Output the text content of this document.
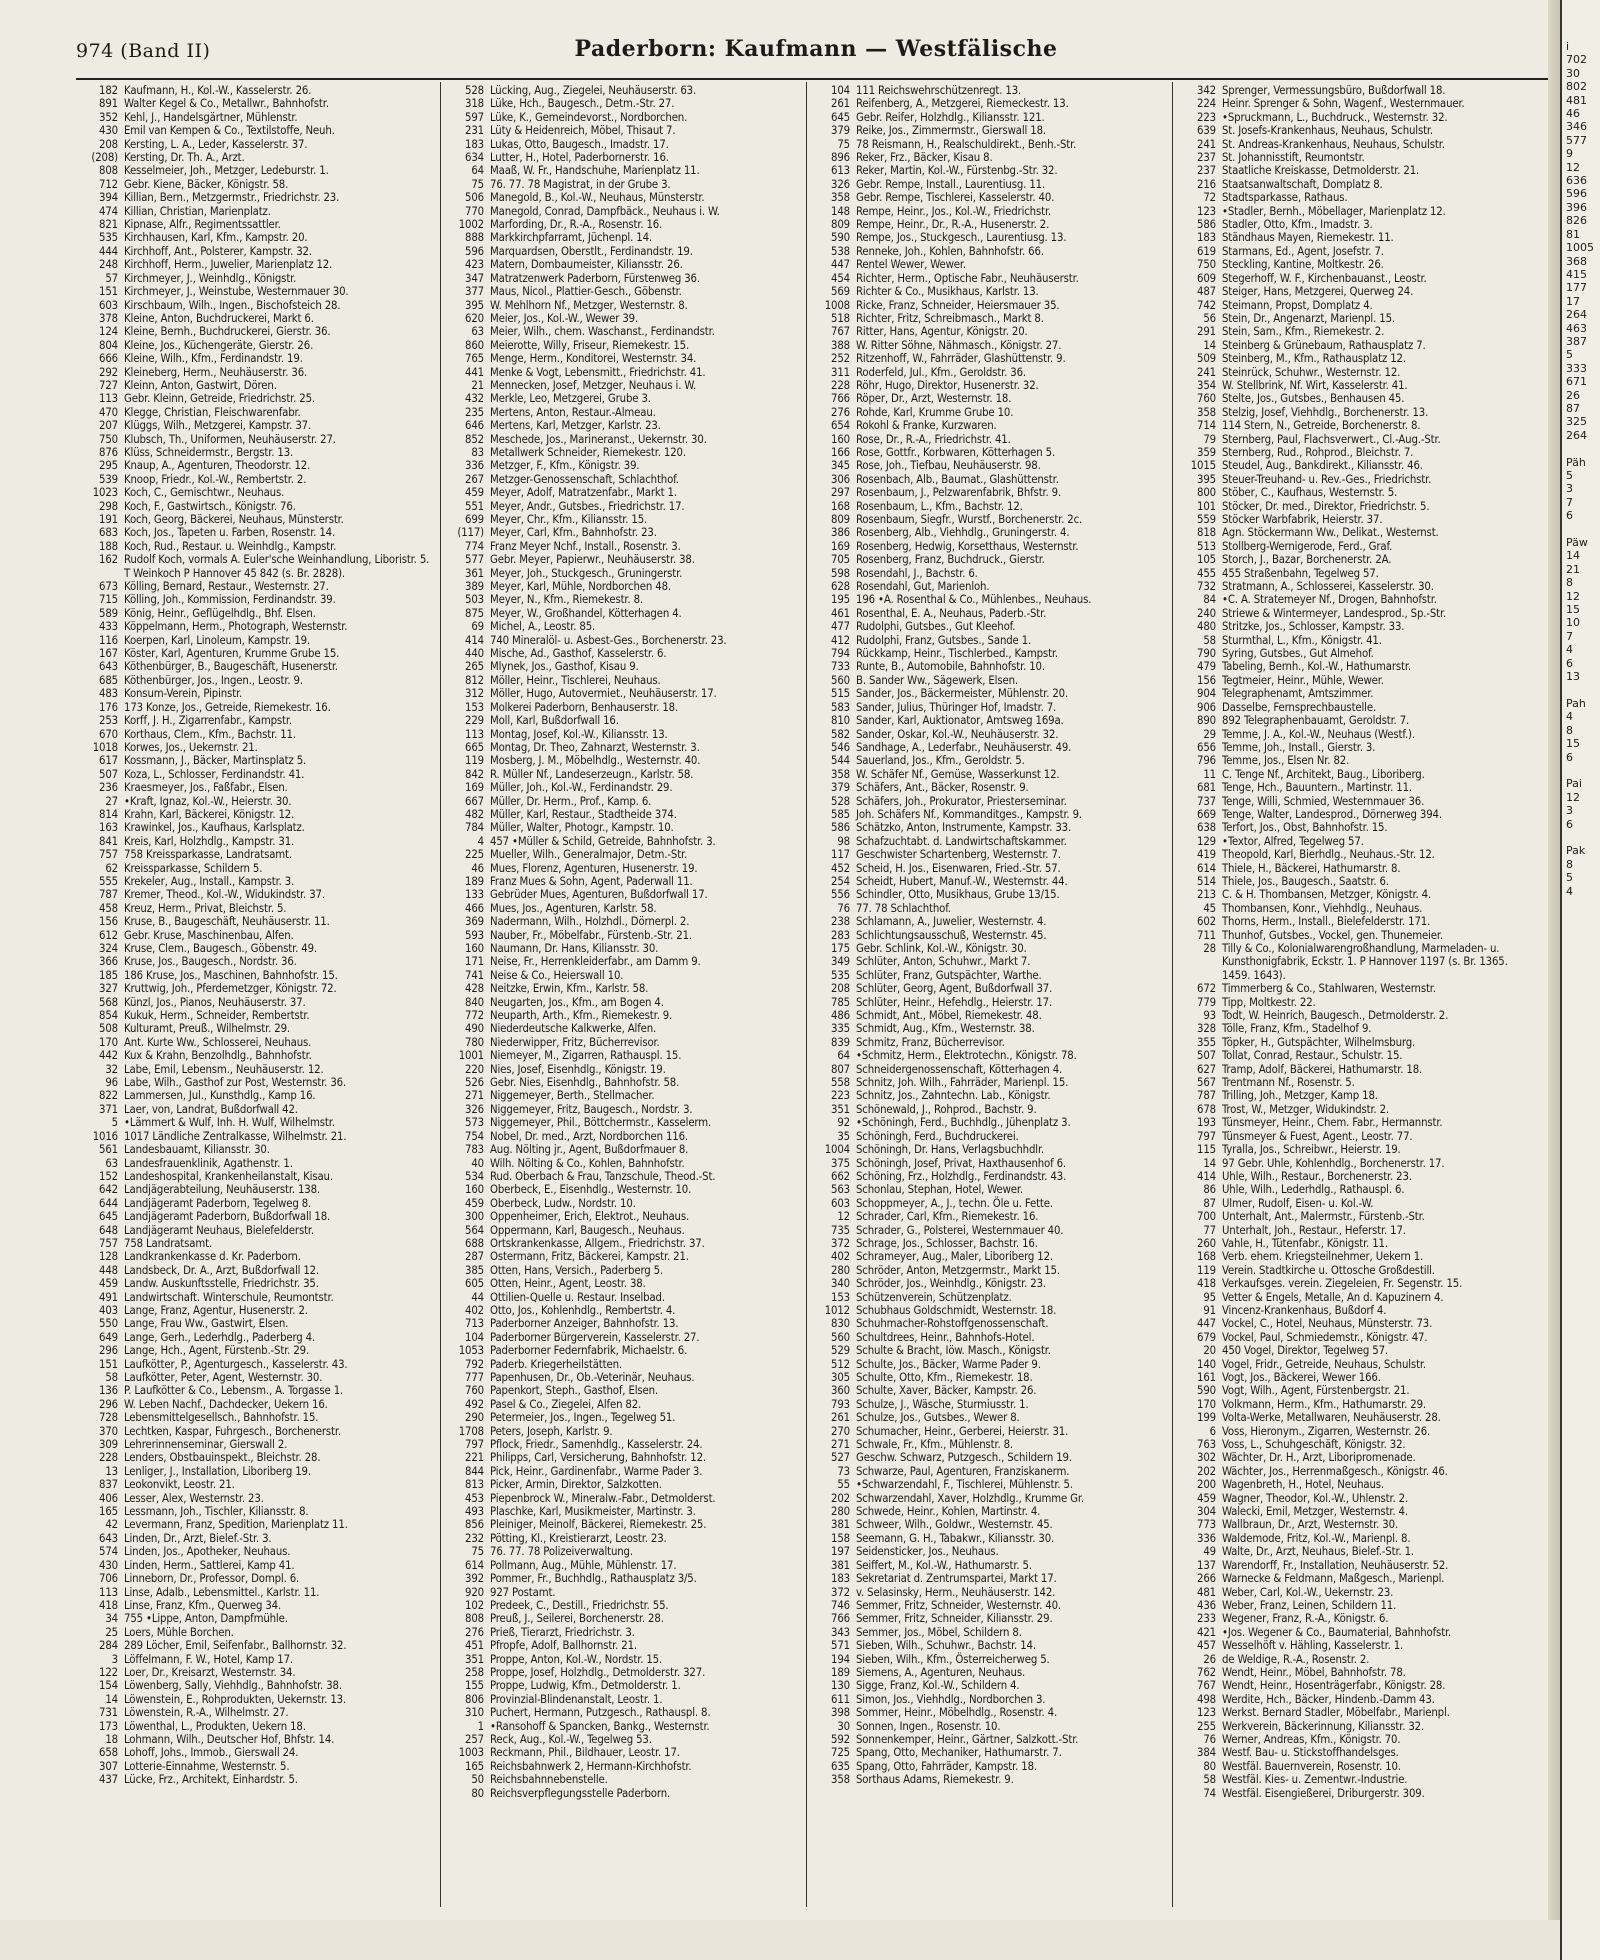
974 (Band II)	Paderborn: Kaufmann — Westfälische
182 Kaufmann, H., Kol.-W., Kasselerstr. 26.
891 Walter Kegel & Co., Metallwr., Bahnhofstr.
352 Kehl, J., Handelsgärtner, Mühlenstr.
430 Emil van Kempen & Co., Textilstoffe, Neuh.
208 Kersting, L. A., Leder, Kasselerstr. 37.
(208) Kersting, Dr. Th. A., Arzt.
808 Kesselmeier, Joh., Metzger, Ledeburstr. 1.
712 Gebr. Kiene, Bäcker, Königstr. 58.
394 Killian, Bern., Metzgermstr., Friedrichstr. 23.
474 Killian, Christian, Marienplatz.
821 Kipnase, Alfr., Regimentssattler.
535 Kirchhausen, Karl, Kfm., Kampstr. 20.
444 Kirchhoff, Ant., Polsterer, Kampstr. 32.
248 Kirchhoff, Herm., Juwelier, Marienplatz 12.
57 Kirchmeyer, J., Weinhdlg., Königstr.
151 Kirchmeyer, J., Weinstube, Westernmauer 30.
603 Kirschbaum, Wilh., Ingen., Bischofsteich 28.
378 Kleine, Anton, Buchdruckerei, Markt 6.
124 Kleine, Bernh., Buchdruckerei, Gierstr. 36.
804 Kleine, Jos., Küchengeräte, Gierstr. 26.
666 Kleine, Wilh., Kfm., Ferdinandstr. 19.
292 Kleineberg, Herm., Neuhäuserstr. 36.
727 Kleinn, Anton, Gastwirt, Dören.
113 Gebr. Kleinn, Getreide, Friedrichstr. 25.
470 Klegge, Christian, Fleischwarenfabr.
207 Klüggs, Wilh., Metzgerei, Kampstr. 37.
750 Klubsch, Th., Uniformen, Neuhäuserstr. 27.
876 Klüss, Schneidermstr., Bergstr. 13.
295 Knaup, A., Agenturen, Theodorstr. 12.
539 Knoop, Friedr., Kol.-W., Rembertstr. 2.
1023 Koch, C., Gemischtwr., Neuhaus.
298 Koch, F., Gastwirtsch., Königstr. 76.
191 Koch, Georg, Bäckerei, Neuhaus, Münsterstr.
683 Koch, Jos., Tapeten u. Farben, Rosenstr. 14.
188 Koch, Rud., Restaur. u. Weinhdlg., Kampstr.
162 Rudolf Koch, vormals A. Euler'sche Weinhandlung, Liboristr. 5. T Weinkoch P Hannover 45 842 (s. Br. 2828).
673 Kölling, Bernard, Restaur., Westernstr. 27.
715 Kölling, Joh., Kommission, Ferdinandstr. 39.
589 König, Heinr., Geflügelhdlg., Bhf. Elsen.
433 Köppelmann, Herm., Photograph, Westernstr.
116 Koerpen, Karl, Linoleum, Kampstr. 19.
167 Köster, Karl, Agenturen, Krumme Grube 15.
643 Köthenbürger, B., Baugeschäft, Husenerstr.
685 Köthenbürger, Jos., Ingen., Leostr. 9.
483 Konsum-Verein, Pipinstr.
176 173 Konze, Jos., Getreide, Riemekestr. 16.
253 Korff, J. H., Zigarrenfabr., Kampstr.
670 Korthaus, Clem., Kfm., Bachstr. 11.
1018 Korwes, Jos., Uekernstr. 21.
617 Kossmann, J., Bäcker, Martinsplatz 5.
507 Koza, L., Schlosser, Ferdinandstr. 41.
236 Kraesmeyer, Jos., Faßfabr., Elsen.
27 •Kraft, Ignaz, Kol.-W., Heierstr. 30.
814 Krahn, Karl, Bäckerei, Königstr. 12.
163 Krawinkel, Jos., Kaufhaus, Karlsplatz.
841 Kreis, Karl, Holzhdlg., Kampstr. 31.
757 758 Kreissparkasse, Landratsamt.
62 Kreissparkasse, Schildern 5.
555 Krekeler, Aug., Install., Kampstr. 3.
787 Kremer, Theod., Kol.-W., Widukindstr. 37.
458 Kreuz, Herm., Privat, Bleichstr. 5.
156 Kruse, B., Baugeschäft, Neuhäuserstr. 11.
612 Gebr. Kruse, Maschinenbau, Alfen.
324 Kruse, Clem., Baugesch., Göbenstr. 49.
366 Kruse, Jos., Baugesch., Nordstr. 36.
185 186 Kruse, Jos., Maschinen, Bahnhofstr. 15.
327 Kruttwig, Joh., Pferdemetzger, Königstr. 72.
568 Künzl, Jos., Pianos, Neuhäuserstr. 37.
854 Kukuk, Herm., Schneider, Rembertstr.
508 Kulturamt, Preuß., Wilhelmstr. 29.
170 Ant. Kurte Ww., Schlosserei, Neuhaus.
442 Kux & Krahn, Benzolhdlg., Bahnhofstr.
32 Labe, Emil, Lebensm., Neuhäuserstr. 12.
96 Labe, Wilh., Gasthof zur Post, Westernstr. 36.
822 Lammersen, Jul., Kunsthdlg., Kamp 16.
371 Laer, von, Landrat, Bußdorfwall 42.
5 •Lämmert & Wulf, Inh. H. Wulf, Wilhelmstr.
1016 1017 Ländliche Zentralkasse, Wilhelmstr. 21.
561 Landesbauamt, Kiliansstr. 30.
63 Landesfrauenklinik, Agathenstr. 1.
152 Landeshospital, Krankenheilanstalt, Kisau.
642 Landjägerabteilung, Neuhäuserstr. 138.
644 Landjägeramt Paderborn, Tegelweg 8.
645 Landjägeramt Paderborn, Bußdorfwall 18.
648 Landjägeramt Neuhaus, Bielefelderstr.
757 758 Landratsamt.
128 Landkrankenkasse d. Kr. Paderborn.
448 Landsbeck, Dr. A., Arzt, Bußdorfwall 12.
459 Landw. Auskunftsstelle, Friedrichstr. 35.
491 Landwirtschaft. Winterschule, Reumontstr.
403 Lange, Franz, Agentur, Husenerstr. 2.
550 Lange, Frau Ww., Gastwirt, Elsen.
649 Lange, Gerh., Lederhdlg., Paderberg 4.
296 Lange, Hch., Agent, Fürstenb.-Str. 29.
151 Laufkötter, P., Agenturgesch., Kasselerstr. 43.
58 Laufkötter, Peter, Agent, Westernstr. 30.
136 P. Laufkötter & Co., Lebensm., A. Torgasse 1.
296 W. Leben Nachf., Dachdecker, Uekern 16.
728 Lebensmittelgesellsch., Bahnhofstr. 15.
370 Lechtken, Kaspar, Fuhrgesch., Borchenerstr.
309 Lehrerinnenseminar, Gierswall 2.
228 Lenders, Obstbauinspekt., Bleichstr. 28.
13 Lenliger, J., Installation, Liboriberg 19.
837 Leokonvikt, Leostr. 21.
406 Lesser, Alex, Westernstr. 23.
165 Lessmann, Joh., Tischler, Kiliansstr. 8.
42 Levermann, Franz, Spedition, Marienplatz 11.
643 Linden, Dr., Arzt, Bielef.-Str. 3.
574 Linden, Jos., Apotheker, Neuhaus.
430 Linden, Herm., Sattlerei, Kamp 41.
706 Linneborn, Dr., Professor, Dompl. 6.
113 Linse, Adalb., Lebensmittel., Karlstr. 11.
418 Linse, Franz, Kfm., Querweg 34.
34 755 •Lippe, Anton, Dampfmühle.
25 Loers, Mühle Borchen.
284 289 Löcher, Emil, Seifenfabr., Ballhornstr. 32.
3 Löffelmann, F. W., Hotel, Kamp 17.
122 Loer, Dr., Kreisarzt, Westernstr. 34.
154 Löwenberg, Sally, Viehhdlg., Bahnhofstr. 38.
14 Löwenstein, E., Rohprodukten, Uekernstr. 13.
731 Löwenstein, R.-A., Wilhelmstr. 27.
173 Löwenthal, L., Produkten, Uekern 18.
18 Lohmann, Wilh., Deutscher Hof, Bhfstr. 14.
658 Lohoff, Johs., Immob., Gierswall 24.
307 Lotterie-Einnahme, Westernstr. 5.
437 Lücke, Frz., Architekt, Einhardstr. 5.
528 Lücking, Aug., Ziegelei, Neuhäuserstr. 63.
318 Lüke, Hch., Baugesch., Detm.-Str. 27.
597 Lüke, K., Gemeindevorst., Nordborchen.
231 Lüty & Heidenreich, Möbel, Thisaut 7.
183 Lukas, Otto, Baugesch., Imadstr. 17.
634 Lutter, H., Hotel, Paderbornerstr. 16.
64 Maaß, W. Fr., Handschuhe, Marienplatz 11.
75 76. 77. 78 Magistrat, in der Grube 3.
506 Manegold, B., Kol.-W., Neuhaus, Münsterstr.
770 Manegold, Conrad, Dampfbäck., Neuhaus i. W.
1002 Marfording, Dr., R.-A., Rosenstr. 16.
888 Markkirchpfarramt, Jüchenpl. 14.
596 Marquardsen, Oberstlt., Ferdinandstr. 19.
423 Matern, Dombaumeister, Kiliansstr. 26.
347 Matratzenwerk Paderborn, Fürstenweg 36.
377 Maus, Nicol., Plattier-Gesch., Göbenstr.
395 W. Mehlhorn Nf., Metzger, Westernstr. 8.
620 Meier, Jos., Kol.-W., Wewer 39.
63 Meier, Wilh., chem. Waschanst., Ferdinandstr.
860 Meierotte, Willy, Friseur, Riemekestr. 15.
765 Menge, Herm., Konditorei, Westernstr. 34.
441 Menke & Vogt, Lebensmitt., Friedrichstr. 41.
21 Mennecken, Josef, Metzger, Neuhaus i. W.
432 Merkle, Leo, Metzgerei, Grube 3.
235 Mertens, Anton, Restaur.-Almeau.
646 Mertens, Karl, Metzger, Karlstr. 23.
852 Meschede, Jos., Marineranst., Uekernstr. 30.
83 Metallwerk Schneider, Riemekestr. 120.
336 Metzger, F., Kfm., Königstr. 39.
267 Metzger-Genossenschaft, Schlachthof.
459 Meyer, Adolf, Matratzenfabr., Markt 1.
551 Meyer, Andr., Gutsbes., Friedrichstr. 17.
699 Meyer, Chr., Kfm., Kiliansstr. 15.
(117) Meyer, Carl, Kfm., Bahnhofstr. 23.
774 Franz Meyer Nchf., Install., Rosenstr. 3.
577 Gebr. Meyer, Papierwr., Neuhäuserstr. 38.
361 Meyer, Joh., Stuckgesch., Gruningerstr.
389 Meyer, Karl, Mühle, Nordborchen 48.
503 Meyer, N., Kfm., Riemekestr. 8.
875 Meyer, W., Großhandel, Kötterhagen 4.
69 Michel, A., Leostr. 85.
414 740 Mineralöl- u. Asbest-Ges., Borchenerstr. 23.
440 Mische, Ad., Gasthof, Kasselerstr. 6.
265 Mlynek, Jos., Gasthof, Kisau 9.
812 Möller, Heinr., Tischlerei, Neuhaus.
312 Möller, Hugo, Autovermiet., Neuhäuserstr. 17.
153 Molkerei Paderborn, Benhauserstr. 18.
229 Moll, Karl, Bußdorfwall 16.
113 Montag, Josef, Kol.-W., Kiliansstr. 13.
665 Montag, Dr. Theo, Zahnarzt, Westernstr. 3.
119 Mosberg, J. M., Möbelhdlg., Westernstr. 40.
842 R. Müller Nf., Landeserzeugn., Karlstr. 58.
169 Müller, Joh., Kol.-W., Ferdinandstr. 29.
667 Müller, Dr. Herm., Prof., Kamp. 6.
482 Müller, Karl, Restaur., Stadtheide 374.
784 Müller, Walter, Photogr., Kampstr. 10.
4 457 •Müller & Schild, Getreide, Bahnhofstr. 3.
225 Mueller, Wilh., Generalmajor, Detm.-Str.
46 Mues, Florenz, Agenturen, Husenerstr. 19.
189 Franz Mues & Sohn, Agent, Paderwall 11.
133 Gebrüder Mues, Agenturen, Bußdorfwall 17.
466 Mues, Jos., Agenturen, Karlstr. 58.
369 Nadermann, Wilh., Holzhdl., Dörnerpl. 2.
593 Nauber, Fr., Möbelfabr., Fürstenb.-Str. 21.
160 Naumann, Dr. Hans, Kiliansstr. 30.
171 Neise, Fr., Herrenkleiderfabr., am Damm 9.
741 Neise & Co., Heierswall 10.
428 Neitzke, Erwin, Kfm., Karlstr. 58.
840 Neugarten, Jos., Kfm., am Bogen 4.
772 Neuparth, Arth., Kfm., Riemekestr. 9.
490 Niederdeutsche Kalkwerke, Alfen.
780 Niederwipper, Fritz, Bücherrevisor.
1001 Niemeyer, M., Zigarren, Rathauspl. 15.
220 Nies, Josef, Eisenhdlg., Königstr. 19.
526 Gebr. Nies, Eisenhdlg., Bahnhofstr. 58.
271 Niggemeyer, Berth., Stellmacher.
326 Niggemeyer, Fritz, Baugesch., Nordstr. 3.
573 Niggemeyer, Phil., Böttchermstr., Kasselerm.
754 Nobel, Dr. med., Arzt, Nordborchen 116.
783 Aug. Nölting jr., Agent, Bußdorfmauer 8.
40 Wilh. Nölting & Co., Kohlen, Bahnhofstr.
534 Rud. Oberbach & Frau, Tanzschule, Theod.-St.
160 Oberbeck, E., Eisenhdlg., Westernstr. 10.
459 Oberbeck, Ludw., Nordstr. 10.
300 Oppenheimer, Erich, Elektrot., Neuhaus.
564 Oppermann, Karl, Baugesch., Neuhaus.
688 Ortskrankenkasse, Allgem., Friedrichstr. 37.
287 Ostermann, Fritz, Bäckerei, Kampstr. 21.
385 Otten, Hans, Versich., Paderberg 5.
605 Otten, Heinr., Agent, Leostr. 38.
44 Ottilien-Quelle u. Restaur. Inselbad.
402 Otto, Jos., Kohlenhdlg., Rembertstr. 4.
713 Paderborner Anzeiger, Bahnhofstr. 13.
104 Paderborner Bürgerverein, Kasselerstr. 27.
1053 Paderborner Federnfabrik, Michaelstr. 6.
792 Paderb. Kriegerheilstätten.
777 Papenhusen, Dr., Ob.-Veterinär, Neuhaus.
760 Papenkort, Steph., Gasthof, Elsen.
492 Pasel & Co., Ziegelei, Alfen 82.
290 Petermeier, Jos., Ingen., Tegelweg 51.
1708 Peters, Joseph, Karlstr. 9.
797 Pflock, Friedr., Samenhdlg., Kasselerstr. 24.
221 Philipps, Carl, Versicherung, Bahnhofstr. 12.
844 Pick, Heinr., Gardinenfabr., Warme Pader 3.
813 Picker, Armin, Direktor, Salzkotten.
453 Piepenbrock W., Mineralw.-Fabr., Detmolderst.
493 Plaschke, Karl, Musikmeister, Martinstr. 3.
856 Pleiniger, Meinolf, Bäckerei, Riemekestr. 25.
232 Pötting, Kl., Kreistierarzt, Leostr. 23.
75 76. 77. 78 Polizeiverwaltung.
614 Pollmann, Aug., Mühle, Mühlenstr. 17.
392 Pommer, Fr., Buchhdlg., Rathausplatz 3/5.
920 927 Postamt.
102 Predeek, C., Destill., Friedrichstr. 55.
808 Preuß, J., Seilerei, Borchenerstr. 28.
276 Prieß, Tierarzt, Friedrichstr. 3.
451 Pfropfe, Adolf, Ballhornstr. 21.
351 Proppe, Anton, Kol.-W., Nordstr. 15.
258 Proppe, Josef, Holzhdlg., Detmolderstr. 327.
155 Proppe, Ludwig, Kfm., Detmolderstr. 1.
806 Provinzial-Blindenanstalt, Leostr. 1.
310 Puchert, Hermann, Putzgesch., Rathauspl. 8.
1 •Ransohoff & Spancken, Bankg., Westernstr.
257 Reck, Aug., Kol.-W., Tegelweg 53.
1003 Reckmann, Phil., Bildhauer, Leostr. 17.
165 Reichsbahnwerk 2, Hermann-Kirchhofstr.
50 Reichsbahnnebenstelle.
80 Reichsverpflegungsstelle Paderborn.
104 111 Reichswehrschützenregt. 13.
261 Reifenberg, A., Metzgerei, Riemeckestr. 13.
645 Gebr. Reifer, Holzhdlg., Kiliansstr. 121.
379 Reike, Jos., Zimmermstr., Gierswall 18.
75 78 Reismann, H., Realschuldirekt., Benh.-Str.
896 Reker, Frz., Bäcker, Kisau 8.
613 Reker, Martin, Kol.-W., Fürstenbg.-Str. 32.
326 Gebr. Rempe, Install., Laurentiusg. 11.
358 Gebr. Rempe, Tischlerei, Kasselerstr. 40.
148 Rempe, Heinr., Jos., Kol.-W., Friedrichstr.
809 Rempe, Heinr., Dr., R.-A., Husenerstr. 2.
590 Rempe, Jos., Stuckgesch., Laurentiusg. 13.
538 Renneke, Joh., Kohlen, Bahnhofstr. 66.
447 Rentel Wewer, Wewer.
454 Richter, Herm., Optische Fabr., Neuhäuserstr.
569 Richter & Co., Musikhaus, Karlstr. 13.
1008 Ricke, Franz, Schneider, Heiersmauer 35.
518 Richter, Fritz, Schreibmasch., Markt 8.
767 Ritter, Hans, Agentur, Königstr. 20.
388 W. Ritter Söhne, Nähmasch., Königstr. 27.
252 Ritzenhoff, W., Fahrräder, Glashüttenstr. 9.
311 Roderfeld, Jul., Kfm., Geroldstr. 36.
228 Röhr, Hugo, Direktor, Husenerstr. 32.
766 Röper, Dr., Arzt, Westernstr. 18.
276 Rohde, Karl, Krumme Grube 10.
654 Rokohl & Franke, Kurzwaren.
160 Rose, Dr., R.-A., Friedrichstr. 41.
166 Rose, Gottfr., Korbwaren, Kötterhagen 5.
345 Rose, Joh., Tiefbau, Neuhäuserstr. 98.
306 Rosenbach, Alb., Baumat., Glashüttenstr.
297 Rosenbaum, J., Pelzwarenfabrik, Bhfstr. 9.
168 Rosenbaum, L., Kfm., Bachstr. 12.
809 Rosenbaum, Siegfr., Wurstf., Borchenerstr. 2c.
386 Rosenberg, Alb., Viehhdlg., Gruningerstr. 4.
169 Rosenberg, Hedwig, Korsetthaus, Westernstr.
705 Rosenberg, Franz, Buchdruck., Gierstr.
598 Rosendahl, J., Bachstr. 6.
628 Rosendahl, Gut, Marienloh.
195 196 •A. Rosenthal & Co., Mühlenbes., Neuhaus.
461 Rosenthal, E. A., Neuhaus, Paderb.-Str.
477 Rudolphi, Gutsbes., Gut Kleehof.
412 Rudolphi, Franz, Gutsbes., Sande 1.
794 Rückkamp, Heinr., Tischlerbed., Kampstr.
733 Runte, B., Automobile, Bahnhofstr. 10.
560 B. Sander Ww., Sägewerk, Elsen.
515 Sander, Jos., Bäckermeister, Mühlenstr. 20.
583 Sander, Julius, Thüringer Hof, Imadstr. 7.
810 Sander, Karl, Auktionator, Amtsweg 169a.
582 Sander, Oskar, Kol.-W., Neuhäuserstr. 32.
546 Sandhage, A., Lederfabr., Neuhäuserstr. 49.
544 Sauerland, Jos., Kfm., Geroldstr. 5.
358 W. Schäfer Nf., Gemüse, Wasserkunst 12.
379 Schäfers, Ant., Bäcker, Rosenstr. 9.
528 Schäfers, Joh., Prokurator, Priesterseminar.
585 Joh. Schäfers Nf., Kommanditges., Kampstr. 9.
586 Schätzko, Anton, Instrumente, Kampstr. 33.
98 Schafzuchtabt. d. Landwirtschaftskammer.
117 Geschwister Schartenberg, Westernstr. 7.
452 Scheid, H. Jos., Eisenwaren, Fried.-Str. 57.
254 Scheidt, Hubert, Manuf.-W., Westernstr. 44.
556 Schindler, Otto, Musikhaus, Grube 13/15.
76 77. 78 Schlachthof.
238 Schlamann, A., Juwelier, Westernstr. 4.
283 Schlichtungsausschuß, Westernstr. 45.
175 Gebr. Schlink, Kol.-W., Königstr. 30.
349 Schlüter, Anton, Schuhwr., Markt 7.
535 Schlüter, Franz, Gutspächter, Warthe.
208 Schlüter, Georg, Agent, Bußdorfwall 37.
785 Schlüter, Heinr., Hefehdlg., Heierstr. 17.
486 Schmidt, Ant., Möbel, Riemekestr. 48.
335 Schmidt, Aug., Kfm., Westernstr. 38.
839 Schmitz, Franz, Bücherrevisor.
64 •Schmitz, Herm., Elektrotechn., Königstr. 78.
807 Schneidergenossenschaft, Kötterhagen 4.
558 Schnitz, Joh. Wilh., Fahrräder, Marienpl. 15.
223 Schnitz, Jos., Zahntechn. Lab., Königstr.
351 Schönewald, J., Rohprod., Bachstr. 9.
92 •Schöningh, Ferd., Buchhdlg., Jühenplatz 3.
35 Schöningh, Ferd., Buchdruckerei.
1004 Schöningh, Dr. Hans, Verlagsbuchhdlr.
375 Schöningh, Josef, Privat, Haxthausenhof 6.
662 Schöning, Frz., Holzhdlg., Ferdinandstr. 43.
563 Schonlau, Stephan, Hotel, Wewer.
603 Schoppmeyer, A., J., techn. Öle u. Fette.
12 Schrader, Carl, Kfm., Riemekestr. 16.
735 Schrader, G., Polsterei, Westernmauer 40.
372 Schrage, Jos., Schlosser, Bachstr. 16.
402 Schrameyer, Aug., Maler, Liboriberg 12.
280 Schröder, Anton, Metzgermstr., Markt 15.
340 Schröder, Jos., Weinhdlg., Königstr. 23.
153 Schützenverein, Schützenplatz.
1012 Schubhaus Goldschmidt, Westernstr. 18.
830 Schuhmacher-Rohstoffgenossenschaft.
560 Schultdrees, Heinr., Bahnhofs-Hotel.
529 Schulte & Bracht, Iöw. Masch., Königstr.
512 Schulte, Jos., Bäcker, Warme Pader 9.
305 Schulte, Otto, Kfm., Riemekestr. 18.
360 Schulte, Xaver, Bäcker, Kampstr. 26.
793 Schulze, J., Wäsche, Sturmiusstr. 1.
261 Schulze, Jos., Gutsbes., Wewer 8.
270 Schumacher, Heinr., Gerberei, Heierstr. 31.
271 Schwale, Fr., Kfm., Mühlenstr. 8.
527 Geschw. Schwarz, Putzgesch., Schildern 19.
73 Schwarze, Paul, Agenturen, Franziskanerm.
55 •Schwarzendahl, F., Tischlerei, Mühlenstr. 5.
202 Schwarzendahl, Xaver, Holzhdlg., Krumme Gr.
280 Schwede, Heinr., Kohlen, Martinstr. 4.
381 Schweer, Wilh., Goldwr., Westernstr. 45.
158 Seemann, G. H., Tabakwr., Kiliansstr. 30.
197 Seidensticker, Jos., Neuhaus.
381 Seiffert, M., Kol.-W., Hathumarstr. 5.
183 Sekretariat d. Zentrumspartei, Markt 17.
372 v. Selasinsky, Herm., Neuhäuserstr. 142.
746 Semmer, Fritz, Schneider, Westernstr. 40.
766 Semmer, Fritz, Schneider, Kiliansstr. 29.
343 Semmer, Jos., Möbel, Schildern 8.
571 Sieben, Wilh., Schuhwr., Bachstr. 14.
194 Sieben, Wilh., Kfm., Österreicherweg 5.
189 Siemens, A., Agenturen, Neuhaus.
130 Sigge, Franz, Kol.-W., Schildern 4.
611 Simon, Jos., Viehhdlg., Nordborchen 3.
398 Sommer, Heinr., Möbelhdlg., Rosenstr. 4.
30 Sonnen, Ingen., Rosenstr. 10.
592 Sonnenkemper, Heinr., Gärtner, Salzkott.-Str.
725 Spang, Otto, Mechaniker, Hathumarstr. 7.
635 Spang, Otto, Fahrräder, Kampstr. 18.
358 Sorthaus Adams, Riemekestr. 9.
342 Sprenger, Vermessungsbüro, Bußdorfwall 18.
224 Heinr. Sprenger & Sohn, Wagenf., Westernmauer.
223 •Spruckmann, L., Buchdruck., Westernstr. 32.
639 St. Josefs-Krankenhaus, Neuhaus, Schulstr.
241 St. Andreas-Krankenhaus, Neuhaus, Schulstr.
237 St. Johannisstift, Reumontstr.
237 Staatliche Kreiskasse, Detmolderstr. 21.
216 Staatsanwaltschaft, Domplatz 8.
72 Stadtsparkasse, Rathaus.
123 •Stadler, Bernh., Möbellager, Marienplatz 12.
586 Stadler, Otto, Kfm., Imadstr. 3.
183 Ständhaus Mayen, Riemekestr. 11.
619 Starmans, Ed., Agent, Josefstr. 7.
750 Steckling, Kantine, Moltkestr. 26.
609 Stegerhoff, W. F., Kirchenbauanst., Leostr.
487 Steiger, Hans, Metzgerei, Querweg 24.
742 Steimann, Propst, Domplatz 4.
56 Stein, Dr., Angenarzt, Marienpl. 15.
291 Stein, Sam., Kfm., Riemekestr. 2.
14 Steinberg & Grünebaum, Rathausplatz 7.
509 Steinberg, M., Kfm., Rathausplatz 12.
241 Steinrück, Schuhwr., Westernstr. 12.
354 W. Stellbrink, Nf. Wirt, Kasselerstr. 41.
760 Stelte, Jos., Gutsbes., Benhausen 45.
358 Stelzig, Josef, Viehhdlg., Borchenerstr. 13.
714 114 Stern, N., Getreide, Borchenerstr. 8.
79 Sternberg, Paul, Flachsverwert., Cl.-Aug.-Str.
359 Sternberg, Rud., Rohprod., Bleichstr. 7.
1015 Steudel, Aug., Bankdirekt., Kiliansstr. 46.
395 Steuer-Treuhand- u. Rev.-Ges., Friedrichstr.
800 Stöber, C., Kaufhaus, Westernstr. 5.
101 Stöcker, Dr. med., Direktor, Friedrichstr. 5.
559 Stöcker Warbfabrik, Heierstr. 37.
818 Agn. Stöckermann Ww., Delikat., Westernst.
513 Stollberg-Wernigerode, Ferd., Graf.
105 Storch, J., Bazar, Borchenerstr. 2A.
455 455 Straßenbahn, Tegelweg 57.
732 Stratmann, A., Schlosserei, Kasselerstr. 30.
84 •C. A. Stratemeyer Nf., Drogen, Bahnhofstr.
240 Striewe & Wintermeyer, Landesprod., Sp.-Str.
480 Stritzke, Jos., Schlosser, Kampstr. 33.
58 Sturmthal, L., Kfm., Königstr. 41.
790 Syring, Gutsbes., Gut Almehof.
479 Tabeling, Bernh., Kol.-W., Hathumarstr.
156 Tegtmeier, Heinr., Mühle, Wewer.
904 Telegraphenamt, Amtszimmer.
906 Dasselbe, Fernsprechbaustelle.
890 892 Telegraphenbauamt, Geroldstr. 7.
29 Temme, J. A., Kol.-W., Neuhaus (Westf.).
656 Temme, Joh., Install., Gierstr. 3.
796 Temme, Jos., Elsen Nr. 82.
11 C. Tenge Nf., Architekt, Baug., Liboriberg.
681 Tenge, Hch., Bauuntern., Martinstr. 11.
737 Tenge, Willi, Schmied, Westernmauer 36.
669 Tenge, Walter, Landesprod., Dörnerweg 394.
638 Terfort, Jos., Obst, Bahnhofstr. 15.
129 •Textor, Alfred, Tegelweg 57.
419 Theopold, Karl, Bierhdlg., Neuhaus.-Str. 12.
614 Thiele, H., Bäckerei, Hathumarstr. 8.
514 Thiele, Jos., Baugesch., Saatstr. 6.
213 C. & H. Thombansen, Metzger, Königstr. 4.
45 Thombansen, Konr., Viehhdlg., Neuhaus.
602 Thorns, Herm., Install., Bielefelderstr. 171.
711 Thunhof, Gutsbes., Vockel, gen. Thunemeier.
28 Tilly & Co., Kolonialwarengroßhandlung, Marmeladen- u. Kunsthonigfabrik, Eckstr. 1. P Hannover 1197 (s. Br. 1365. 1459. 1643).
672 Timmerberg & Co., Stahlwaren, Westernstr.
779 Tipp, Moltkestr. 22.
93 Todt, W. Heinrich, Baugesch., Detmolderstr. 2.
328 Tölle, Franz, Kfm., Stadelhof 9.
355 Töpker, H., Gutspächter, Wilhelmsburg.
507 Tollat, Conrad, Restaur., Schulstr. 15.
627 Tramp, Adolf, Bäckerei, Hathumarstr. 18.
567 Trentmann Nf., Rosenstr. 5.
787 Trilling, Joh., Metzger, Kamp 18.
678 Trost, W., Metzger, Widukindstr. 2.
193 Tünsmeyer, Heinr., Chem. Fabr., Hermannstr.
797 Tünsmeyer & Fuest, Agent., Leostr. 77.
115 Tyralla, Jos., Schreibwr., Heierstr. 19.
14 97 Gebr. Uhle, Kohlenhdlg., Borchenerstr. 17.
414 Uhle, Wilh., Restaur., Borchenerstr. 23.
86 Uhle, Wilh., Lederhdlg., Rathauspl. 6.
87 Ulmer, Rudolf, Eisen- u. Kol.-W.
700 Unterhalt, Ant., Malermstr., Fürstenb.-Str.
77 Unterhalt, Joh., Restaur., Heferstr. 17.
260 Vahle, H., Tütenfabr., Königstr. 11.
168 Verb. ehem. Kriegsteilnehmer, Uekern 1.
119 Verein. Stadtkirche u. Ottosche Großdestill.
418 Verkaufsges. verein. Ziegeleien, Fr. Segenstr. 15.
95 Vetter & Engels, Metalle, An d. Kapuzinern 4.
91 Vincenz-Krankenhaus, Bußdorf 4.
447 Vockel, C., Hotel, Neuhaus, Münsterstr. 73.
679 Vockel, Paul, Schmiedemstr., Königstr. 47.
20 450 Vogel, Direktor, Tegelweg 57.
140 Vogel, Fridr., Getreide, Neuhaus, Schulstr.
161 Vogt, Jos., Bäckerei, Wewer 166.
590 Vogt, Wilh., Agent, Fürstenbergstr. 21.
170 Volkmann, Herm., Kfm., Hathumarstr. 29.
199 Volta-Werke, Metallwaren, Neuhäuserstr. 28.
6 Voss, Hieronym., Zigarren, Westernstr. 26.
763 Voss, L., Schuhgeschäft, Königstr. 32.
302 Wächter, Dr. H., Arzt, Liboripromenade.
202 Wächter, Jos., Herrenmaßgesch., Königstr. 46.
200 Wagenbreth, H., Hotel, Neuhaus.
459 Wagner, Theodor, Kol.-W., Uhlenstr. 2.
304 Walecki, Emil, Metzger, Westernstr. 4.
773 Wallbraun, Dr., Arzt, Westernstr. 30.
336 Waldemode, Fritz, Kol.-W., Marienpl. 8.
49 Walte, Dr., Arzt, Neuhaus, Bielef.-Str. 1.
137 Warendorff, Fr., Installation, Neuhäuserstr. 52.
266 Warnecke & Feldmann, Maßgesch., Marienpl.
481 Weber, Carl, Kol.-W., Uekernstr. 23.
436 Weber, Franz, Leinen, Schildern 11.
233 Wegener, Franz, R.-A., Königstr. 6.
421 •Jos. Wegener & Co., Baumaterial, Bahnhofstr.
457 Wesselhöft v. Hähling, Kasselerstr. 1.
26 de Weldige, R.-A., Rosenstr. 2.
762 Wendt, Heinr., Möbel, Bahnhofstr. 78.
767 Wendt, Heinr., Hosenträgerfabr., Königstr. 28.
498 Werdite, Hch., Bäcker, Hindenb.-Damm 43.
123 Werkst. Bernard Stadler, Möbelfabr., Marienpl.
255 Werkverein, Bäckerinnung, Kiliansstr. 32.
76 Werner, Andreas, Kfm., Königstr. 70.
384 Westf. Bau- u. Stickstoffhandelsges.
80 Westfäl. Bauernverein, Rosenstr. 10.
58 Westfäl. Kies- u. Zementwr.-Industrie.
74 Westfäl. Eisengießerei, Driburgerstr. 309.
i
702
30
802
481
46
346
577
9
12
636
596
396
826
81
1005
368
415
177
17
264
463
387
5
333
671
26
87
325
264

Päh
5
3
7
6

Päw
14
21
8
12
15
10
7
4
6
13

Pah
4
8
15
6

Pai
12
3
6

Pak
8
5
4
